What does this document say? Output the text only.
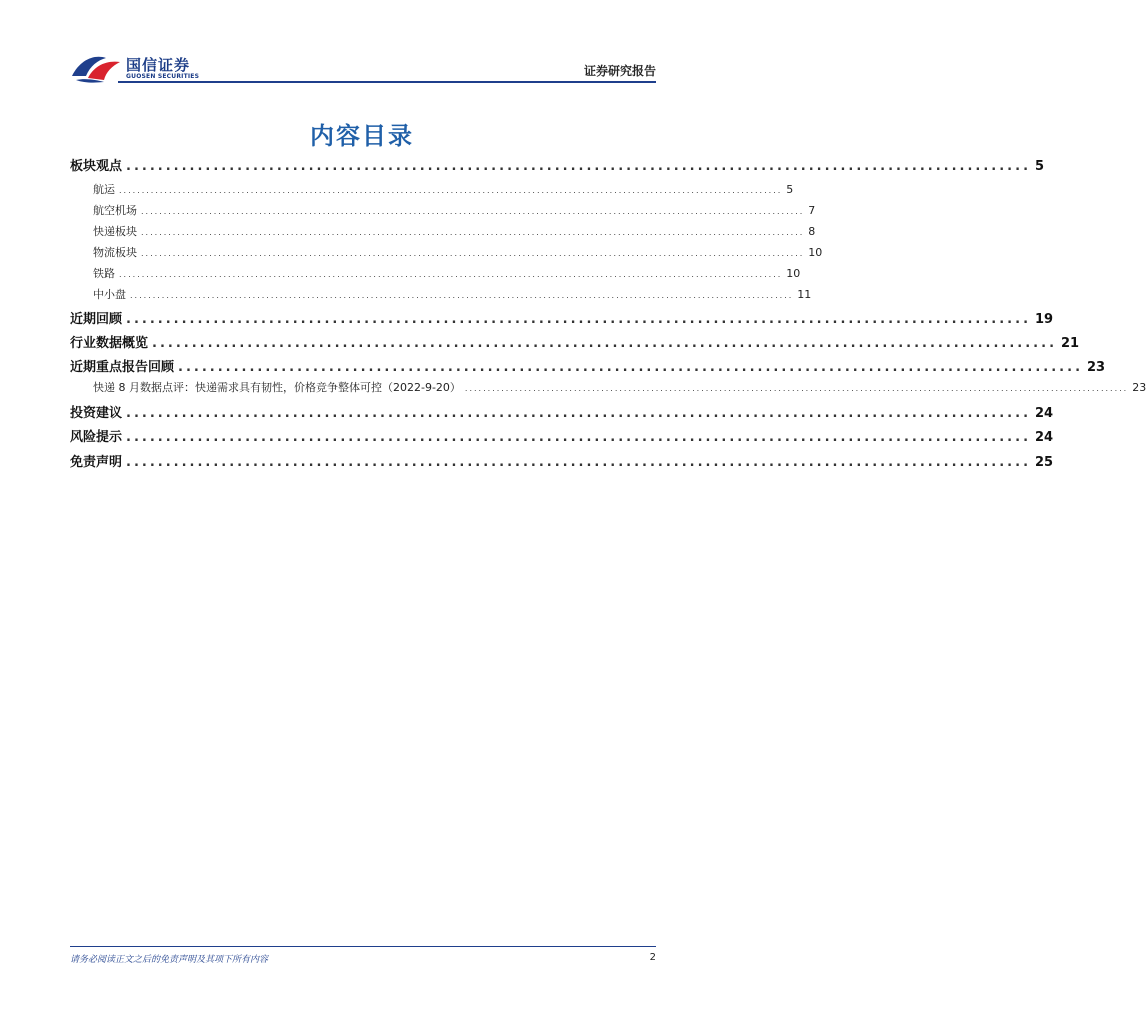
国信证券
GUOSEN SECURITIES	证券研究报告
内容目录
板块观点 .................................................................................................................. 5
航运 .................................................................................................................................................. 5
航空机场 .................................................................................................................................................. 7
快递板块 .................................................................................................................................................. 8
物流板块 .................................................................................................................................................. 10
铁路 .................................................................................................................................................. 10
中小盘 .................................................................................................................................................. 11
近期回顾 .................................................................................................................. 19
行业数据概览 .................................................................................................................. 21
近期重点报告回顾 .................................................................................................................. 23
快递 8 月数据点评：快递需求具有韧性，价格竞争整体可控（2022-9-20） .................................................................................................................................................. 23
投资建议 .................................................................................................................. 24
风险提示 .................................................................................................................. 24
免责声明 .................................................................................................................. 25
请务必阅读正文之后的免责声明及其项下所有内容	2
